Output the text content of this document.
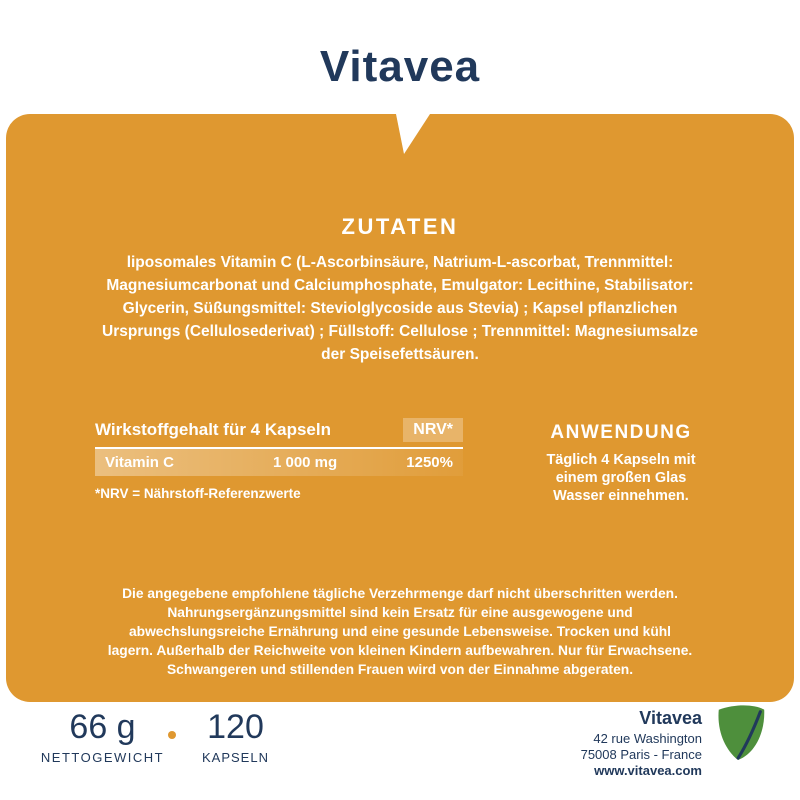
Vitavea
ZUTATEN
liposomales Vitamin C (L-Ascorbinsäure, Natrium-L-ascorbat, Trennmittel: Magnesiumcarbonat und Calciumphosphate, Emulgator: Lecithine, Stabilisator: Glycerin, Süßungsmittel: Steviolglycoside aus Stevia) ; Kapsel pflanzlichen Ursprungs (Cellulosederivat) ; Füllstoff: Cellulose ; Trennmittel: Magnesiumsalze der Speisefettsäuren.
Wirkstoffgehalt für 4 Kapseln	NRV*
Vitamin C	1 000 mg	1250%
*NRV = Nährstoff-Referenzwerte
ANWENDUNG
Täglich 4 Kapseln mit
einem großen Glas
Wasser einnehmen.
Die angegebene empfohlene tägliche Verzehrmenge darf nicht überschritten werden. Nahrungsergänzungsmittel sind kein Ersatz für eine ausgewogene und abwechslungsreiche Ernährung und eine gesunde Lebensweise. Trocken und kühl lagern. Außerhalb der Reichweite von kleinen Kindern aufbewahren. Nur für Erwachsene. Schwangeren und stillenden Frauen wird von der Einnahme abgeraten.
66 g
NETTOGEWICHT
120
KAPSELN
Vitavea
42 rue Washington
75008 Paris - France
www.vitavea.com
